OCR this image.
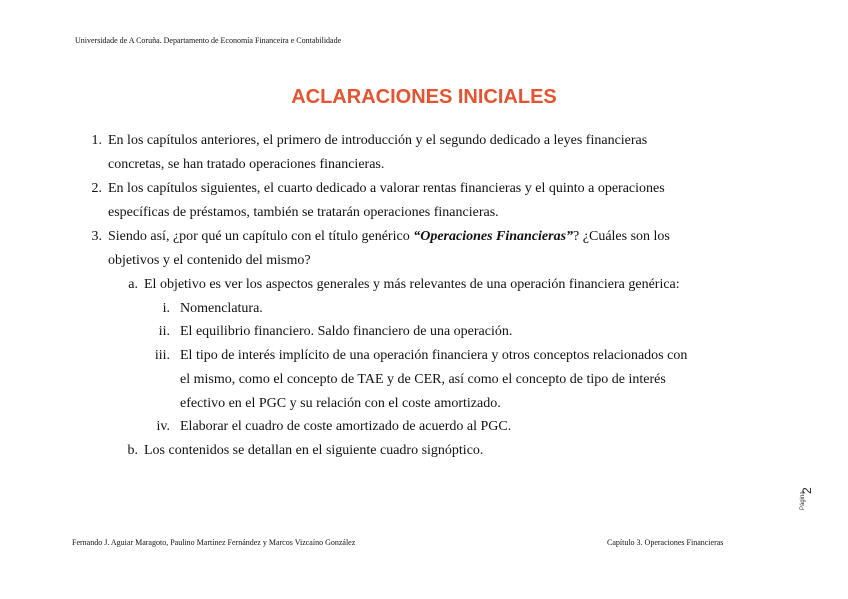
Universidade de A Coruña. Departamento de Economía Financeira e Contabilidade
ACLARACIONES INICIALES
1. En los capítulos anteriores, el primero de introducción y el segundo dedicado a leyes financieras
concretas, se han tratado operaciones financieras.
2. En los capítulos siguientes, el cuarto dedicado a valorar rentas financieras y el quinto a operaciones
específicas de préstamos, también se tratarán operaciones financieras.
3. Siendo así, ¿por qué un capítulo con el título genérico “Operaciones Financieras”? ¿Cuáles son los
objetivos y el contenido del mismo?
a. El objetivo es ver los aspectos generales y más relevantes de una operación financiera genérica:
i. Nomenclatura.
ii. El equilibrio financiero. Saldo financiero de una operación.
iii. El tipo de interés implícito de una operación financiera y otros conceptos relacionados con
el mismo, como el concepto de TAE y de CER, así como el concepto de tipo de interés
efectivo en el PGC y su relación con el coste amortizado.
iv. Elaborar el cuadro de coste amortizado de acuerdo al PGC.
b. Los contenidos se detallan en el siguiente cuadro signóptico.
Página
2
Fernando J. Aguiar Maragoto, Paulino Martínez Fernández y Marcos Vizcaíno González	Capítulo 3. Operaciones Financieras
